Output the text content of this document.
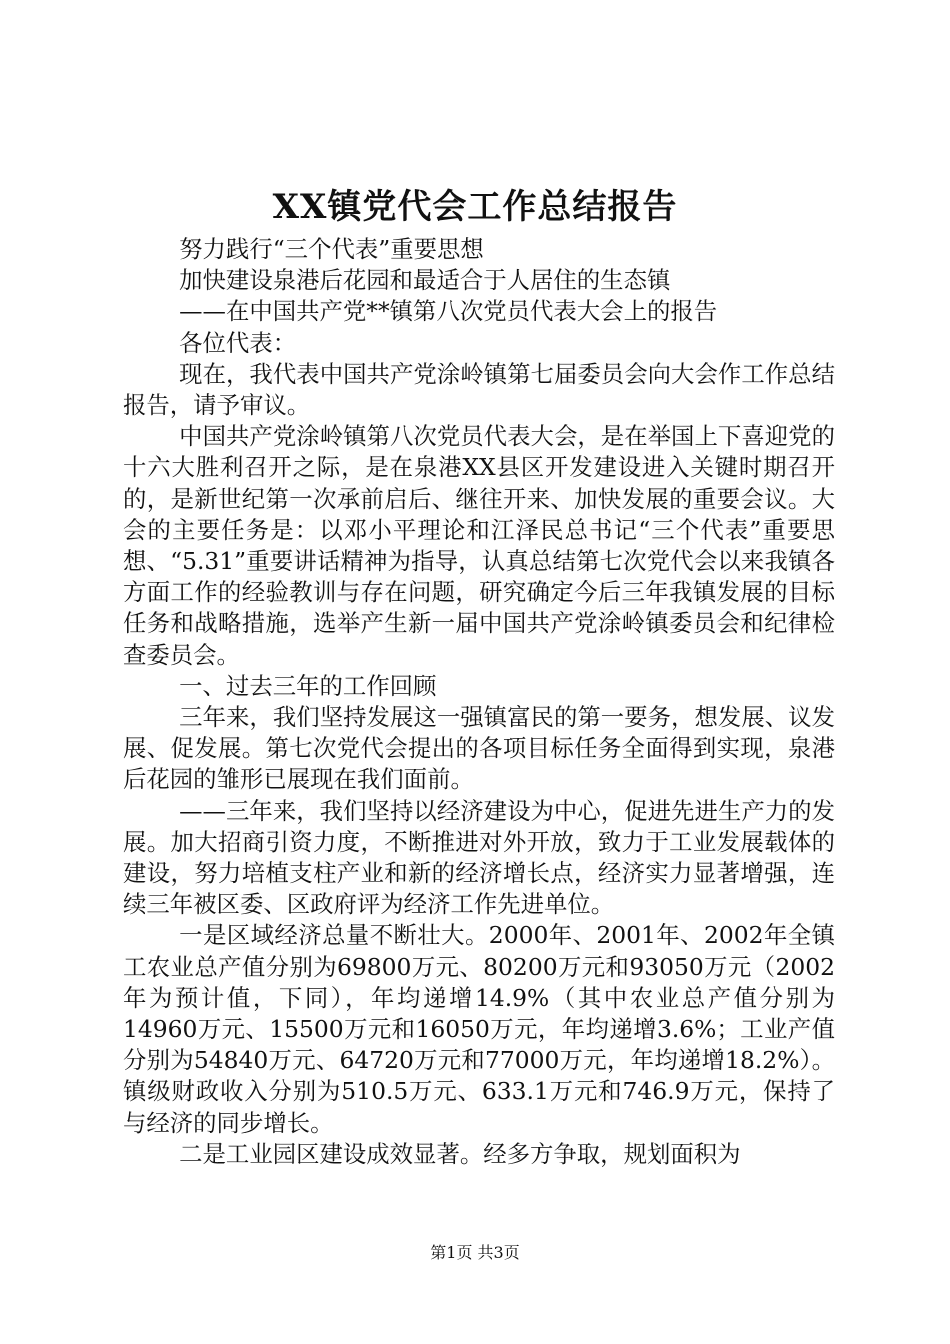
XX镇党代会工作总结报告

努力践行“三个代表”重要思想

加快建设泉港后花园和最适合于人居住的生态镇

——在中国共产党**镇第八次党员代表大会上的报告

各位代表：

现在，我代表中国共产党涂岭镇第七届委员会向大会作工作总结报告，请予审议。

中国共产党涂岭镇第八次党员代表大会，是在举国上下喜迎党的十六大胜利召开之际，是在泉港XX县区开发建设进入关键时期召开的，是新世纪第一次承前启后、继往开来、加快发展的重要会议。大会的主要任务是：以邓小平理论和江泽民总书记“三个代表”重要思想、“5.31”重要讲话精神为指导，认真总结第七次党代会以来我镇各方面工作的经验教训与存在问题，研究确定今后三年我镇发展的目标任务和战略措施，选举产生新一届中国共产党涂岭镇委员会和纪律检查委员会。

一、过去三年的工作回顾

三年来，我们坚持发展这一强镇富民的第一要务，想发展、议发展、促发展。第七次党代会提出的各项目标任务全面得到实现，泉港后花园的雏形已展现在我们面前。

——三年来，我们坚持以经济建设为中心，促进先进生产力的发展。加大招商引资力度，不断推进对外开放，致力于工业发展载体的建设，努力培植支柱产业和新的经济增长点，经济实力显著增强，连续三年被区委、区政府评为经济工作先进单位。

一是区域经济总量不断壮大。2000年、2001年、2002年全镇工农业总产值分别为69800万元、80200万元和93050万元（2002年为预计值，下同），年均递增14.9%（其中农业总产值分别为14960万元、15500万元和16050万元，年均递增3.6%；工业产值分别为54840万元、64720万元和77000万元，年均递增18.2%）。镇级财政收入分别为510.5万元、633.1万元和746.9万元，保持了与经济的同步增长。

二是工业园区建设成效显著。经多方争取，规划面积为

第1页 共3页
